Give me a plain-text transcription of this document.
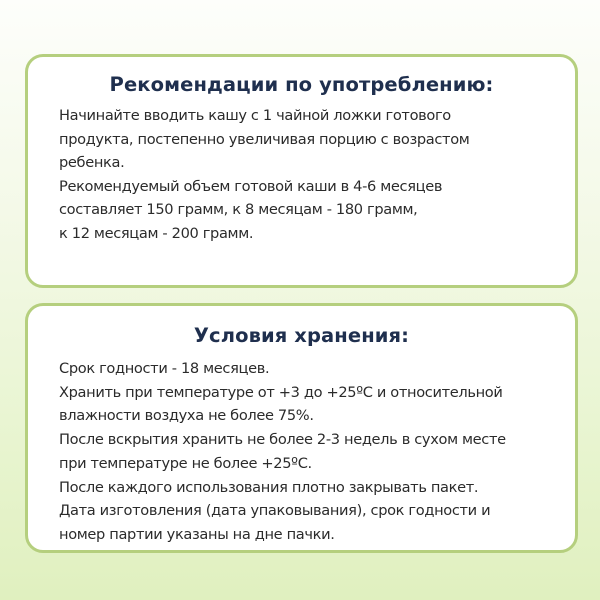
Рекомендации по употреблению:
Начинайте вводить кашу с 1 чайной ложки готового
продукта, постепенно увеличивая порцию с возрастом
ребенка.
Рекомендуемый объем готовой каши в 4-6 месяцев
составляет 150 грамм, к 8 месяцам - 180 грамм,
к 12 месяцам - 200 грамм.
Условия хранения:
Срок годности - 18 месяцев.
Хранить при температуре от +3 до +25ºC и относительной
влажности воздуха не более 75%.
После вскрытия хранить не более 2-3 недель в сухом месте
при температуре не более +25ºC.
После каждого использования плотно закрывать пакет.
Дата изготовления (дата упаковывания), срок годности и
номер партии указаны на дне пачки.
